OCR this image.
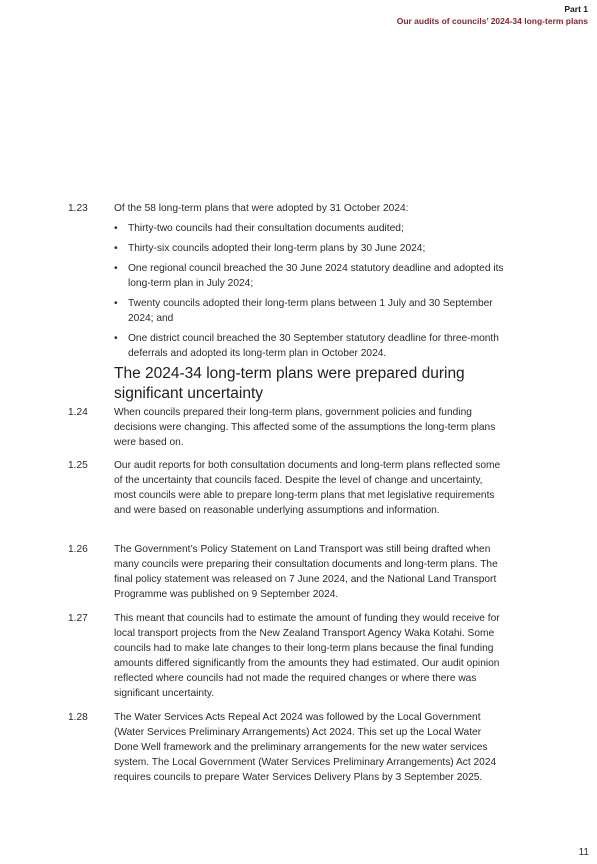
Part 1
Our audits of councils’ 2024-34 long-term plans
1.23	Of the 58 long-term plans that were adopted by 31 October 2024:
• Thirty-two councils had their consultation documents audited;
• Thirty-six councils adopted their long-term plans by 30 June 2024;
• One regional council breached the 30 June 2024 statutory deadline and adopted its long-term plan in July 2024;
• Twenty councils adopted their long-term plans between 1 July and 30 September 2024; and
• One district council breached the 30 September statutory deadline for three-month deferrals and adopted its long-term plan in October 2024.
The 2024-34 long-term plans were prepared during significant uncertainty
1.24	When councils prepared their long-term plans, government policies and funding decisions were changing. This affected some of the assumptions the long-term plans were based on.
1.25	Our audit reports for both consultation documents and long-term plans reflected some of the uncertainty that councils faced. Despite the level of change and uncertainty, most councils were able to prepare long-term plans that met legislative requirements and were based on reasonable underlying assumptions and information.
1.26	The Government’s Policy Statement on Land Transport was still being drafted when many councils were preparing their consultation documents and long-term plans. The final policy statement was released on 7 June 2024, and the National Land Transport Programme was published on 9 September 2024.
1.27	This meant that councils had to estimate the amount of funding they would receive for local transport projects from the New Zealand Transport Agency Waka Kotahi. Some councils had to make late changes to their long-term plans because the final funding amounts differed significantly from the amounts they had estimated. Our audit opinion reflected where councils had not made the required changes or where there was significant uncertainty.
1.28	The Water Services Acts Repeal Act 2024 was followed by the Local Government (Water Services Preliminary Arrangements) Act 2024. This set up the Local Water Done Well framework and the preliminary arrangements for the new water services system. The Local Government (Water Services Preliminary Arrangements) Act 2024 requires councils to prepare Water Services Delivery Plans by 3 September 2025.
11
